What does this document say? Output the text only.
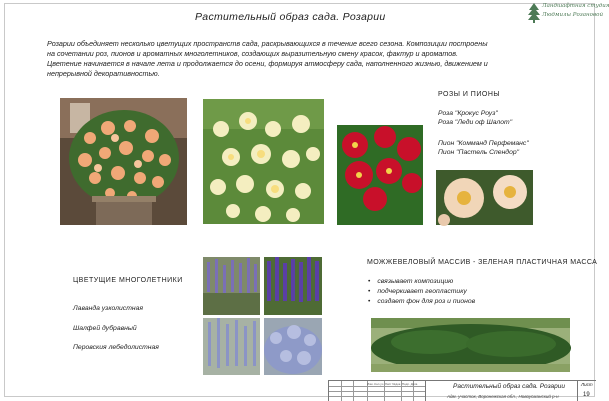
Растительный образ сада. Розарии
Ландшафтная студия
Людмилы Розановой
Розарии объединяет несколько цветущих пространств сада, раскрывающихся в течение всего сезона. Композиции построены на сочетании роз, пионов и ароматных многолетников, создающих выразительную смену красок, фактур и ароматов. Цветение начинается в начале лета и продолжается до осени, формируя атмосферу сада, наполненного жизнью, движением и непрерывной декоративностью.
РОЗЫ И ПИОНЫ
Роза "Крокус Роуз"
Роза "Леди оф Шалот"
Пион "Комманд Перфеманс"
Пион "Пастель Спендор"
ЦВЕТУЩИЕ МНОГОЛЕТНИКИ
Лаванда узколистная
Шалфей дубравный
Перовския лебедолистная
МОЖЖЕВЕЛОВЫЙ МАССИВ - ЗЕЛЕНАЯ ПЛАСТИЧНАЯ МАССА
• связывает композицию
• подчеркивает геопластику
• создает фон для роз и пионов
Изм. Кол.уч. Лист №док. Подп. Дата	Растительный образ сада. Розарии
Адм. участок, Воронежская обл., Новоусманский р-н
Лист
19
